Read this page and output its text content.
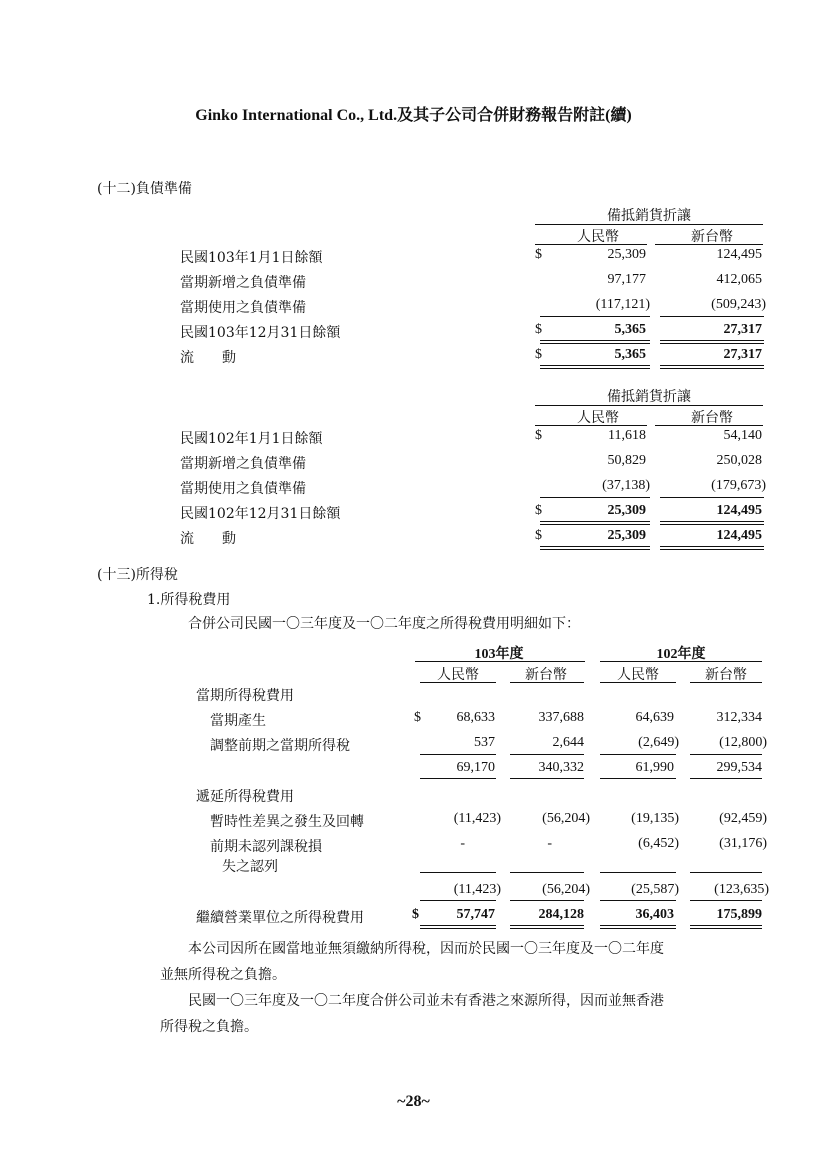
Ginko International Co., Ltd.及其子公司合併財務報告附註(續)
(十二)負債準備
備抵銷貨折讓
人民幣	新台幣
民國103年1月1日餘額	$	25,309	124,495
當期新增之負債準備	97,177	412,065
當期使用之負債準備	(117,121)	(509,243)
民國103年12月31日餘額	$	5,365	27,317
流　　動	$	5,365	27,317
備抵銷貨折讓
人民幣	新台幣
民國102年1月1日餘額	$	11,618	54,140
當期新增之負債準備	50,829	250,028
當期使用之負債準備	(37,138)	(179,673)
民國102年12月31日餘額	$	25,309	124,495
流　　動	$	25,309	124,495
(十三)所得稅
1.所得稅費用
合併公司民國一〇三年度及一〇二年度之所得稅費用明細如下：
103年度	102年度
人民幣	新台幣	人民幣	新台幣
當期所得稅費用
當期產生	$	68,633	337,688	64,639	312,334
調整前期之當期所得稅	537	2,644	(2,649)	(12,800)
69,170	340,332	61,990	299,534
遞延所得稅費用
暫時性差異之發生及回轉	(11,423)	(56,204)	(19,135)	(92,459)
前期未認列課稅損
失之認列
-	-	(6,452)	(31,176)
(11,423)	(56,204)	(25,587)	(123,635)
繼續營業單位之所得稅費用	$	57,747	284,128	36,403	175,899
本公司因所在國當地並無須繳納所得稅，因而於民國一〇三年度及一〇二年度
並無所得稅之負擔。
民國一〇三年度及一〇二年度合併公司並未有香港之來源所得，因而並無香港
所得稅之負擔。
~28~
